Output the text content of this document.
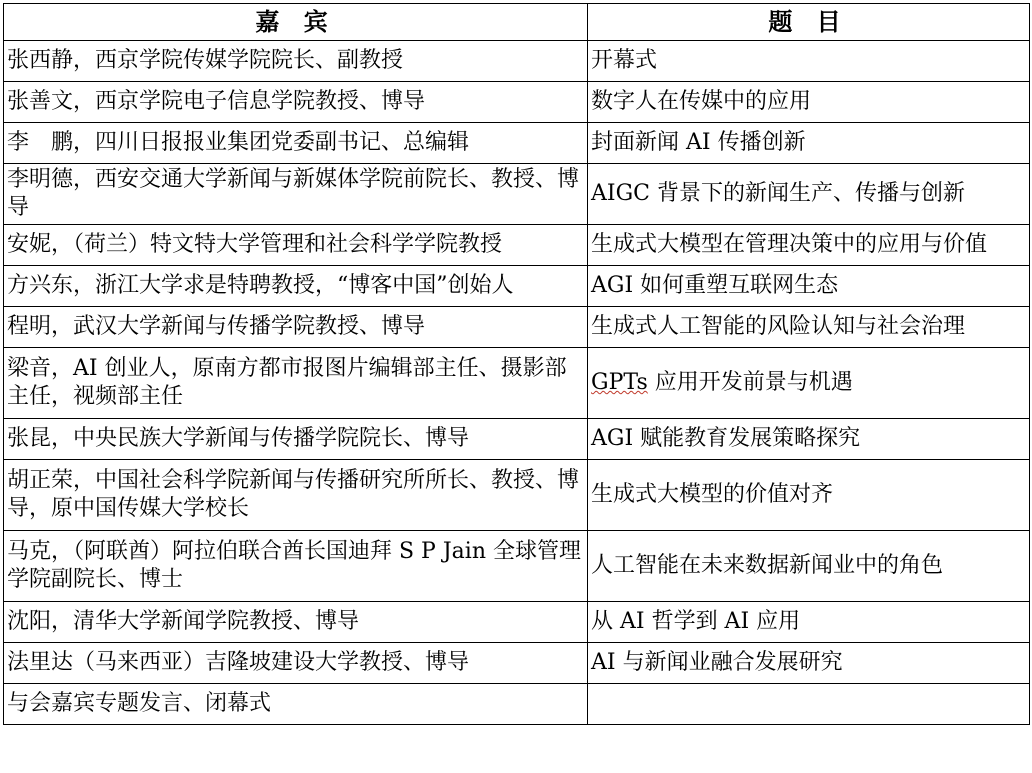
嘉 宾	题 目
张西静，西京学院传媒学院院长、副教授	开幕式
张善文，西京学院电子信息学院教授、博导	数字人在传媒中的应用
李　鹏，四川日报报业集团党委副书记、总编辑	封面新闻 AI 传播创新
李明德，西安交通大学新闻与新媒体学院前院长、教授、博导	AIGC 背景下的新闻生产、传播与创新
安妮，（荷兰）特文特大学管理和社会科学学院教授	生成式大模型在管理决策中的应用与价值
方兴东，浙江大学求是特聘教授，“博客中国”创始人	AGI 如何重塑互联网生态
程明，武汉大学新闻与传播学院教授、博导	生成式人工智能的风险认知与社会治理
梁音，AI 创业人，原南方都市报图片编辑部主任、摄影部主任，视频部主任	GPTs 应用开发前景与机遇
张昆，中央民族大学新闻与传播学院院长、博导	AGI 赋能教育发展策略探究
胡正荣，中国社会科学院新闻与传播研究所所长、教授、博导，原中国传媒大学校长	生成式大模型的价值对齐
马克，（阿联酋）阿拉伯联合酋长国迪拜 S P Jain 全球管理学院副院长、博士	人工智能在未来数据新闻业中的角色
沈阳，清华大学新闻学院教授、博导	从 AI 哲学到 AI 应用
法里达（马来西亚）吉隆坡建设大学教授、博导	AI 与新闻业融合发展研究
与会嘉宾专题发言、闭幕式	
